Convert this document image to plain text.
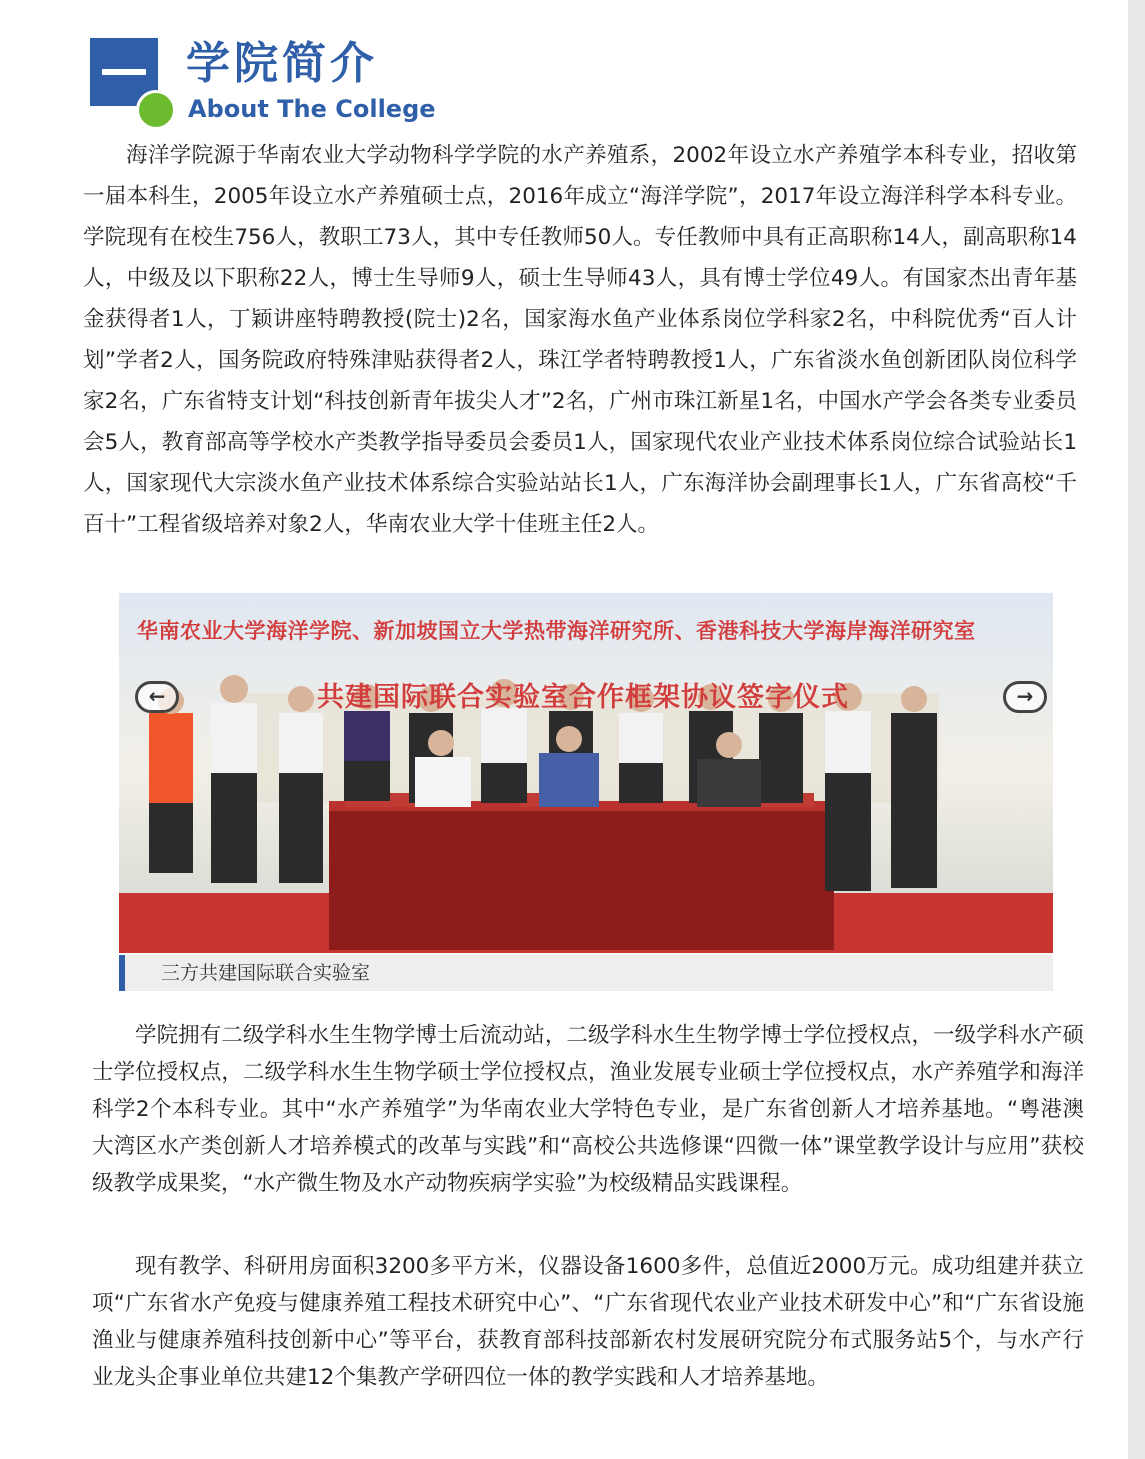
学院简介
About The College

海洋学院源于华南农业大学动物科学学院的水产养殖系，2002年设立水产养殖学本科专业，招收第一届本科生，2005年设立水产养殖硕士点，2016年成立“海洋学院”，2017年设立海洋科学本科专业。学院现有在校生756人，教职工73人，其中专任教师50人。专任教师中具有正高职称14人，副高职称14人，中级及以下职称22人，博士生导师9人，硕士生导师43人，具有博士学位49人。有国家杰出青年基金获得者1人，丁颖讲座特聘教授(院士)2名，国家海水鱼产业体系岗位学科家2名，中科院优秀“百人计划”学者2人，国务院政府特殊津贴获得者2人，珠江学者特聘教授1人，广东省淡水鱼创新团队岗位科学家2名，广东省特支计划“科技创新青年拔尖人才”2名，广州市珠江新星1名，中国水产学会各类专业委员会5人，教育部高等学校水产类教学指导委员会委员1人，国家现代农业产业技术体系岗位综合试验站长1人，国家现代大宗淡水鱼产业技术体系综合实验站站长1人，广东海洋协会副理事长1人，广东省高校“千百十”工程省级培养对象2人，华南农业大学十佳班主任2人。

华南农业大学海洋学院、新加坡国立大学热带海洋研究所、香港科技大学海岸海洋研究室
共建国际联合实验室合作框架协议签字仪式
←	→
三方共建国际联合实验室

学院拥有二级学科水生生物学博士后流动站，二级学科水生生物学博士学位授权点，一级学科水产硕士学位授权点，二级学科水生生物学硕士学位授权点，渔业发展专业硕士学位授权点，水产养殖学和海洋科学2个本科专业。其中“水产养殖学”为华南农业大学特色专业，是广东省创新人才培养基地。“粤港澳大湾区水产类创新人才培养模式的改革与实践”和“高校公共选修课“四微一体”课堂教学设计与应用”获校级教学成果奖，“水产微生物及水产动物疾病学实验”为校级精品实践课程。

现有教学、科研用房面积3200多平方米，仪器设备1600多件，总值近2000万元。成功组建并获立项“广东省水产免疫与健康养殖工程技术研究中心”、“广东省现代农业产业技术研发中心”和“广东省设施渔业与健康养殖科技创新中心”等平台，获教育部科技部新农村发展研究院分布式服务站5个，与水产行业龙头企事业单位共建12个集教产学研四位一体的教学实践和人才培养基地。
